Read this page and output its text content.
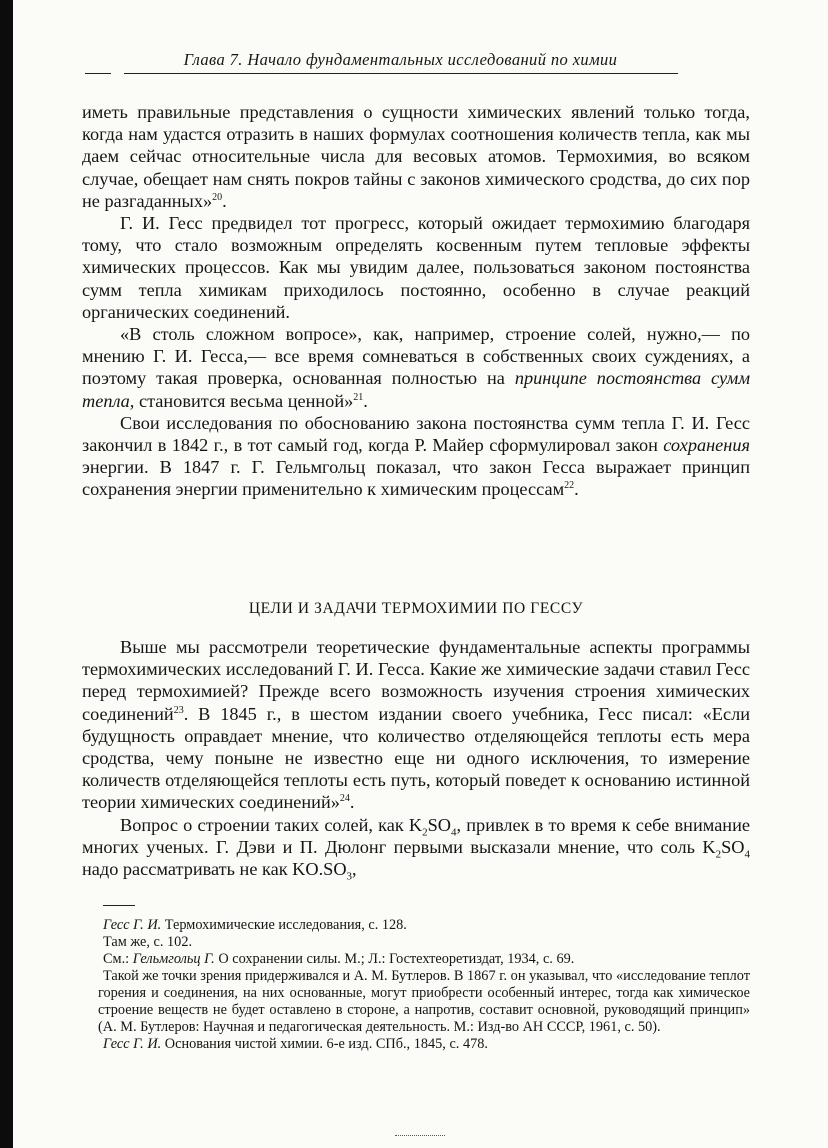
Глава 7. Начало фундаментальных исследований по химии

иметь правильные представления о сущности химических явлений только тогда, когда нам удастся отразить в наших формулах соотношения количеств тепла, как мы даем сейчас относительные числа для весовых атомов. Термохимия, во всяком случае, обещает нам снять покров тайны с законов химического сродства, до сих пор не разгаданных»$^{20}$.

Г. И. Гесс предвидел тот прогресс, который ожидает термохимию благодаря тому, что стало возможным определять косвенным путем тепловые эффекты химических процессов. Как мы увидим далее, пользоваться законом постоянства сумм тепла химикам приходилось постоянно, особенно в случае реакций органических соединений.

«В столь сложном вопросе», как, например, строение солей, нужно,— по мнению Г. И. Гесса,— все время сомневаться в собственных своих суждениях, а поэтому такая проверка, основанная полностью на принципе постоянства сумм тепла, становится весьма ценной»$^{21}$.

Свои исследования по обоснованию закона постоянства сумм тепла Г. И. Гесс закончил в 1842 г., в тот самый год, когда Р. Майер сформулировал закон сохранения энергии. В 1847 г. Г. Гельмгольц показал, что закон Гесса выражает принцип сохранения энергии применительно к химическим процессам$^{22}$.

ЦЕЛИ И ЗАДАЧИ ТЕРМОХИМИИ ПО ГЕССУ

Выше мы рассмотрели теоретические фундаментальные аспекты программы термохимических исследований Г. И. Гесса. Какие же химические задачи ставил Гесс перед термохимией? Прежде всего возможность изучения строения химических соединений$^{23}$. В 1845 г., в шестом издании своего учебника, Гесс писал: «Если будущность оправдает мнение, что количество отделяющейся теплоты есть мера сродства, чему поныне не известно еще ни одного исключения, то измерение количеств отделяющейся теплоты есть путь, который поведет к основанию истинной теории химических соединений»$^{24}$.

Вопрос о строении таких солей, как $K_2SO_4$, привлек в то время к себе внимание многих ученых. Г. Дэви и П. Дюлонг первыми высказали мнение, что соль $K_2SO_4$ надо рассматривать не как $KO.SO_3$,

Гесс Г. И. Термохимические исследования, с. 128.

Там же, с. 102.

См.: Гельмгольц Г. О сохранении силы. М.; Л.: Гостехтеоретиздат, 1934, с. 69.

Такой же точки зрения придерживался и А. М. Бутлеров. В 1867 г. он указывал, что «исследование теплот горения и соединения, на них основанные, могут приобрести особенный интерес, тогда как химическое строение веществ не будет оставлено в стороне, а напротив, составит основной, руководящий принцип» (А. М. Бутлеров: Научная и педагогическая деятельность. М.: Изд-во АН СССР, 1961, с. 50).

Гесс Г. И. Основания чистой химии. 6-е изд. СПб., 1845, с. 478.
